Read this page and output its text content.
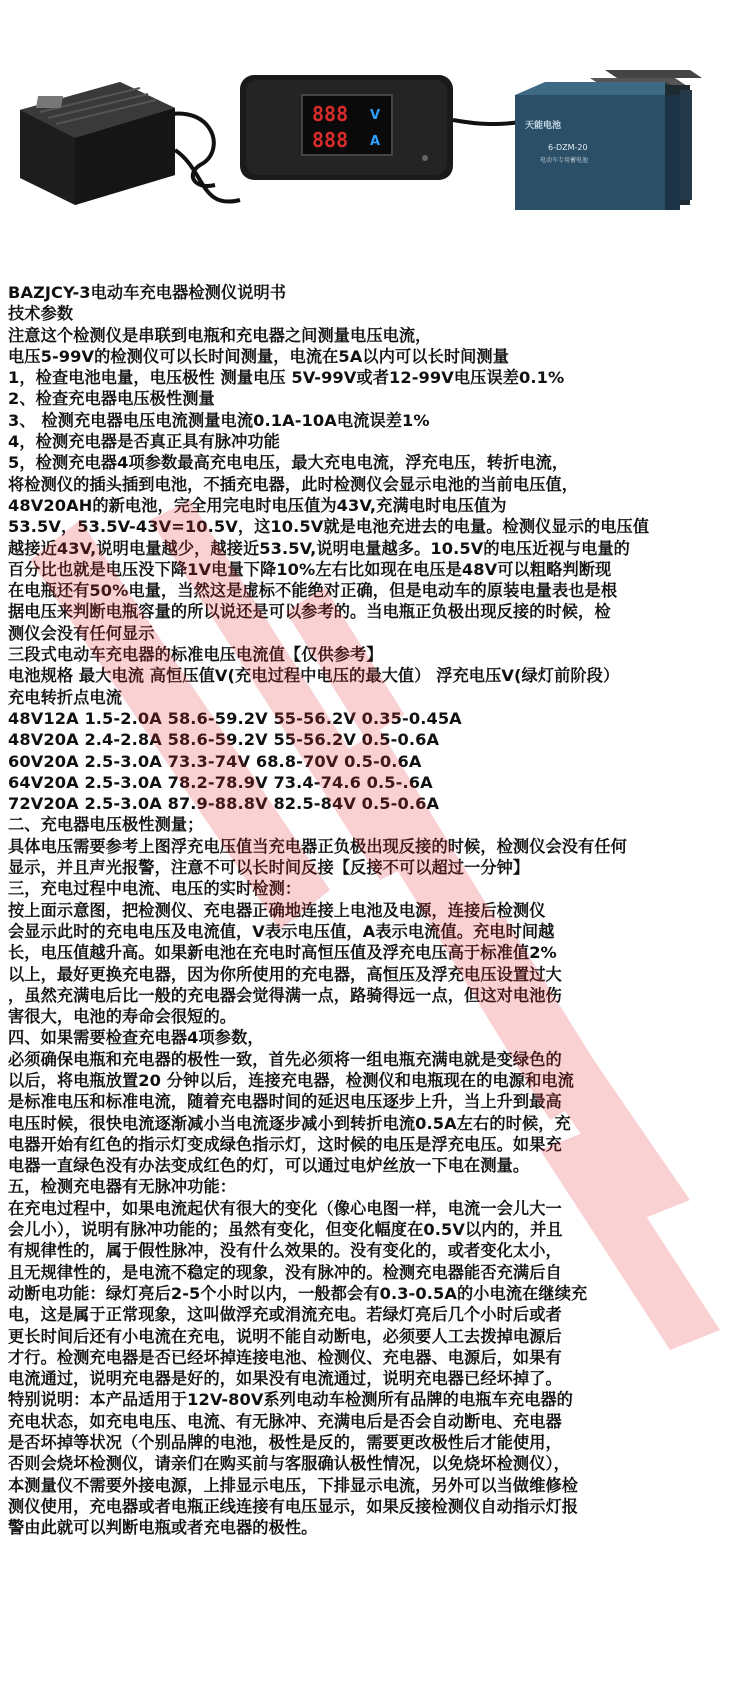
888
888
V
A
天能电池
6-DZM-20
电动车专用蓄电池
BAZJCY-3电动车充电器检测仪说明书
技术参数
注意这个检测仪是串联到电瓶和充电器之间测量电压电流，
电压5-99V的检测仪可以长时间测量，电流在5A以内可以长时间测量
1，检查电池电量，电压极性 测量电压 5V-99V或者12-99V电压误差0.1%
2、检查充电器电压极性测量
3、 检测充电器电压电流测量电流0.1A-10A电流误差1%
4，检测充电器是否真正具有脉冲功能
5，检测充电器4项参数最高充电电压，最大充电电流，浮充电压，转折电流，
将检测仪的插头插到电池，不插充电器，此时检测仪会显示电池的当前电压值，
48V20AH的新电池，完全用完电时电压值为43V,充满电时电压值为
53.5V，53.5V-43V=10.5V，这10.5V就是电池充进去的电量。检测仪显示的电压值
越接近43V,说明电量越少，越接近53.5V,说明电量越多。10.5V的电压近视与电量的
百分比也就是电压没下降1V电量下降10%左右比如现在电压是48V可以粗略判断现
在电瓶还有50%电量，当然这是虚标不能绝对正确，但是电动车的原装电量表也是根
据电压来判断电瓶容量的所以说还是可以参考的。当电瓶正负极出现反接的时候，检
测仪会没有任何显示
三段式电动车充电器的标准电压电流值【仅供参考】
电池规格 最大电流 高恒压值V(充电过程中电压的最大值） 浮充电压V(绿灯前阶段）
充电转折点电流
48V12A 1.5-2.0A 58.6-59.2V 55-56.2V 0.35-0.45A
48V20A 2.4-2.8A 58.6-59.2V 55-56.2V 0.5-0.6A
60V20A 2.5-3.0A 73.3-74V 68.8-70V 0.5-0.6A
64V20A 2.5-3.0A 78.2-78.9V 73.4-74.6 0.5-.6A
72V20A 2.5-3.0A 87.9-88.8V 82.5-84V 0.5-0.6A
二、充电器电压极性测量；
具体电压需要参考上图浮充电压值当充电器正负极出现反接的时候，检测仪会没有任何
显示，并且声光报警，注意不可以长时间反接【反接不可以超过一分钟】
三，充电过程中电流、电压的实时检测：
按上面示意图，把检测仪、充电器正确地连接上电池及电源，连接后检测仪
会显示此时的充电电压及电流值，V表示电压值，A表示电流值。充电时间越
长，电压值越升高。如果新电池在充电时高恒压值及浮充电压高于标准值2%
以上，最好更换充电器，因为你所使用的充电器，高恒压及浮充电压设置过大
，虽然充满电后比一般的充电器会觉得满一点，路骑得远一点，但这对电池伤
害很大，电池的寿命会很短的。
四、如果需要检查充电器4项参数，
必须确保电瓶和充电器的极性一致，首先必须将一组电瓶充满电就是变绿色的
以后，将电瓶放置20 分钟以后，连接充电器，检测仪和电瓶现在的电源和电流
是标准电压和标准电流，随着充电器时间的延迟电压逐步上升，当上升到最高
电压时候，很快电流逐渐减小当电流逐步减小到转折电流0.5A左右的时候，充
电器开始有红色的指示灯变成绿色指示灯，这时候的电压是浮充电压。如果充
电器一直绿色没有办法变成红色的灯，可以通过电炉丝放一下电在测量。
五，检测充电器有无脉冲功能：
在充电过程中，如果电流起伏有很大的变化（像心电图一样，电流一会儿大一
会儿小），说明有脉冲功能的；虽然有变化，但变化幅度在0.5V以内的，并且
有规律性的，属于假性脉冲，没有什么效果的。没有变化的，或者变化太小，
且无规律性的，是电流不稳定的现象，没有脉冲的。检测充电器能否充满后自
动断电功能：绿灯亮后2-5个小时以内，一般都会有0.3-0.5A的小电流在继续充
电，这是属于正常现象，这叫做浮充或涓流充电。若绿灯亮后几个小时后或者
更长时间后还有小电流在充电，说明不能自动断电，必须要人工去拨掉电源后
才行。检测充电器是否已经坏掉连接电池、检测仪、充电器、电源后，如果有
电流通过，说明充电器是好的，如果没有电流通过，说明充电器已经坏掉了。
特别说明：本产品适用于12V-80V系列电动车检测所有品牌的电瓶车充电器的
充电状态，如充电电压、电流、有无脉冲、充满电后是否会自动断电、充电器
是否坏掉等状况（个别品牌的电池，极性是反的，需要更改极性后才能使用，
否则会烧坏检测仪，请亲们在购买前与客服确认极性情况，以免烧坏检测仪），
本测量仪不需要外接电源，上排显示电压，下排显示电流，另外可以当做维修检
测仪使用，充电器或者电瓶正线连接有电压显示，如果反接检测仪自动指示灯报
警由此就可以判断电瓶或者充电器的极性。
